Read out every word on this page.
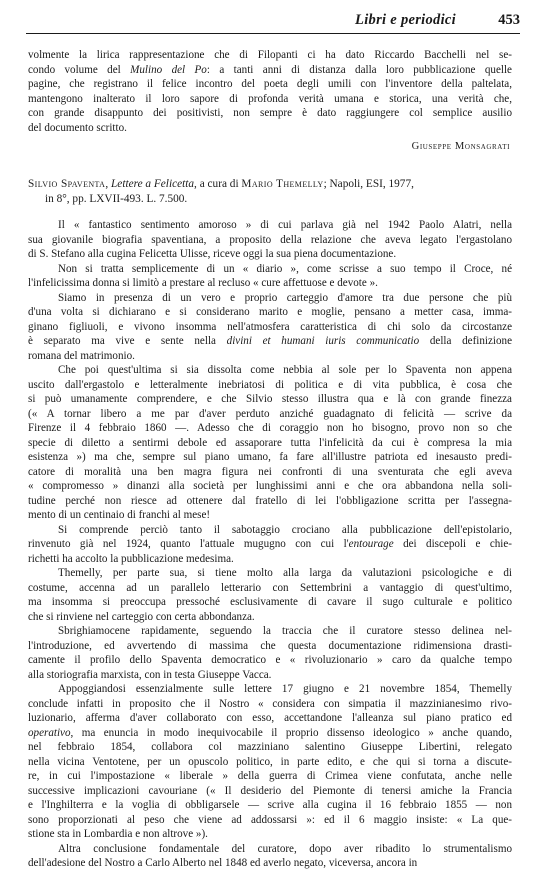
Libri e periodici	453

volmente la lirica rappresentazione che di Filopanti ci ha dato Riccardo Bacchelli nel se-
condo volume del Mulino del Po: a tanti anni di distanza dalla loro pubblicazione quelle
pagine, che registrano il felice incontro del poeta degli umili con l'inventore della paltelata,
mantengono inalterato il loro sapore di profonda verità umana e storica, una verità che,
con grande disappunto dei positivisti, non sempre è dato raggiungere col semplice ausilio
del documento scritto.

Giuseppe Monsagrati
Silvio Spaventa, Lettere a Felicetta, a cura di Mario Themelly; Napoli, ESI, 1977,
in 8°, pp. LXVII-493. L. 7.500.

Il « fantastico sentimento amoroso » di cui parlava già nel 1942 Paolo Alatri, nella
sua giovanile biografia spaventiana, a proposito della relazione che aveva legato l'ergastolano
di S. Stefano alla cugina Felicetta Ulisse, riceve oggi la sua piena documentazione.

Non si tratta semplicemente di un « diario », come scrisse a suo tempo il Croce, né
l'infelicissima donna si limitò a prestare al recluso « cure affettuose e devote ».

Siamo in presenza di un vero e proprio carteggio d'amore tra due persone che più
d'una volta si dichiarano e si considerano marito e moglie, pensano a metter casa, imma-
ginano figliuoli, e vivono insomma nell'atmosfera caratteristica di chi solo da circostanze
è separato ma vive e sente nella divini et humani iuris communicatio della definizione
romana del matrimonio.

Che poi quest'ultima si sia dissolta come nebbia al sole per lo Spaventa non appena
uscito dall'ergastolo e letteralmente inebriatosi di politica e di vita pubblica, è cosa che
si può umanamente comprendere, e che Silvio stesso illustra qua e là con grande finezza
(« A tornar libero a me par d'aver perduto anziché guadagnato di felicità — scrive da
Firenze il 4 febbraio 1860 —. Adesso che di coraggio non ho bisogno, provo non so che
specie di diletto a sentirmi debole ed assaporare tutta l'infelicità da cui è compresa la mia
esistenza ») ma che, sempre sul piano umano, fa fare all'illustre patriota ed inesausto predi-
catore di moralità una ben magra figura nei confronti di una sventurata che egli aveva
« compromesso » dinanzi alla società per lunghissimi anni e che ora abbandona nella soli-
tudine perché non riesce ad ottenere dal fratello di lei l'obbligazione scritta per l'assegna-
mento di un centinaio di franchi al mese!

Si comprende perciò tanto il sabotaggio crociano alla pubblicazione dell'epistolario,
rinvenuto già nel 1924, quanto l'attuale mugugno con cui l'entourage dei discepoli e chie-
richetti ha accolto la pubblicazione medesima.

Themelly, per parte sua, si tiene molto alla larga da valutazioni psicologiche e di
costume, accenna ad un parallelo letterario con Settembrini a vantaggio di quest'ultimo,
ma insomma si preoccupa pressoché esclusivamente di cavare il sugo culturale e politico
che si rinviene nel carteggio con certa abbondanza.

Sbrighiamocene rapidamente, seguendo la traccia che il curatore stesso delinea nel-
l'introduzione, ed avvertendo di massima che questa documentazione ridimensiona drasti-
camente il profilo dello Spaventa democratico e « rivoluzionario » caro da qualche tempo
alla storiografia marxista, con in testa Giuseppe Vacca.

Appoggiandosi essenzialmente sulle lettere 17 giugno e 21 novembre 1854, Themelly
conclude infatti in proposito che il Nostro « considera con simpatia il mazzinianesimo rivo-
luzionario, afferma d'aver collaborato con esso, accettandone l'alleanza sul piano pratico ed
operativo, ma enuncia in modo inequivocabile il proprio dissenso ideologico » anche quando,
nel febbraio 1854, collabora col mazziniano salentino Giuseppe Libertini, relegato
nella vicina Ventotene, per un opuscolo politico, in parte edito, e che qui si torna a discute-
re, in cui l'impostazione « liberale » della guerra di Crimea viene confutata, anche nelle
successive implicazioni cavouriane (« Il desiderio del Piemonte di tenersi amiche la Francia
e l'Inghilterra e la voglia di obbligarsele — scrive alla cugina il 16 febbraio 1855 — non
sono proporzionati al peso che viene ad addossarsi »: ed il 6 maggio insiste: « La que-
stione sta in Lombardia e non altrove »).

Altra conclusione fondamentale del curatore, dopo aver ribadito lo strumentalismo
dell'adesione del Nostro a Carlo Alberto nel 1848 ed averlo negato, viceversa, ancora in
